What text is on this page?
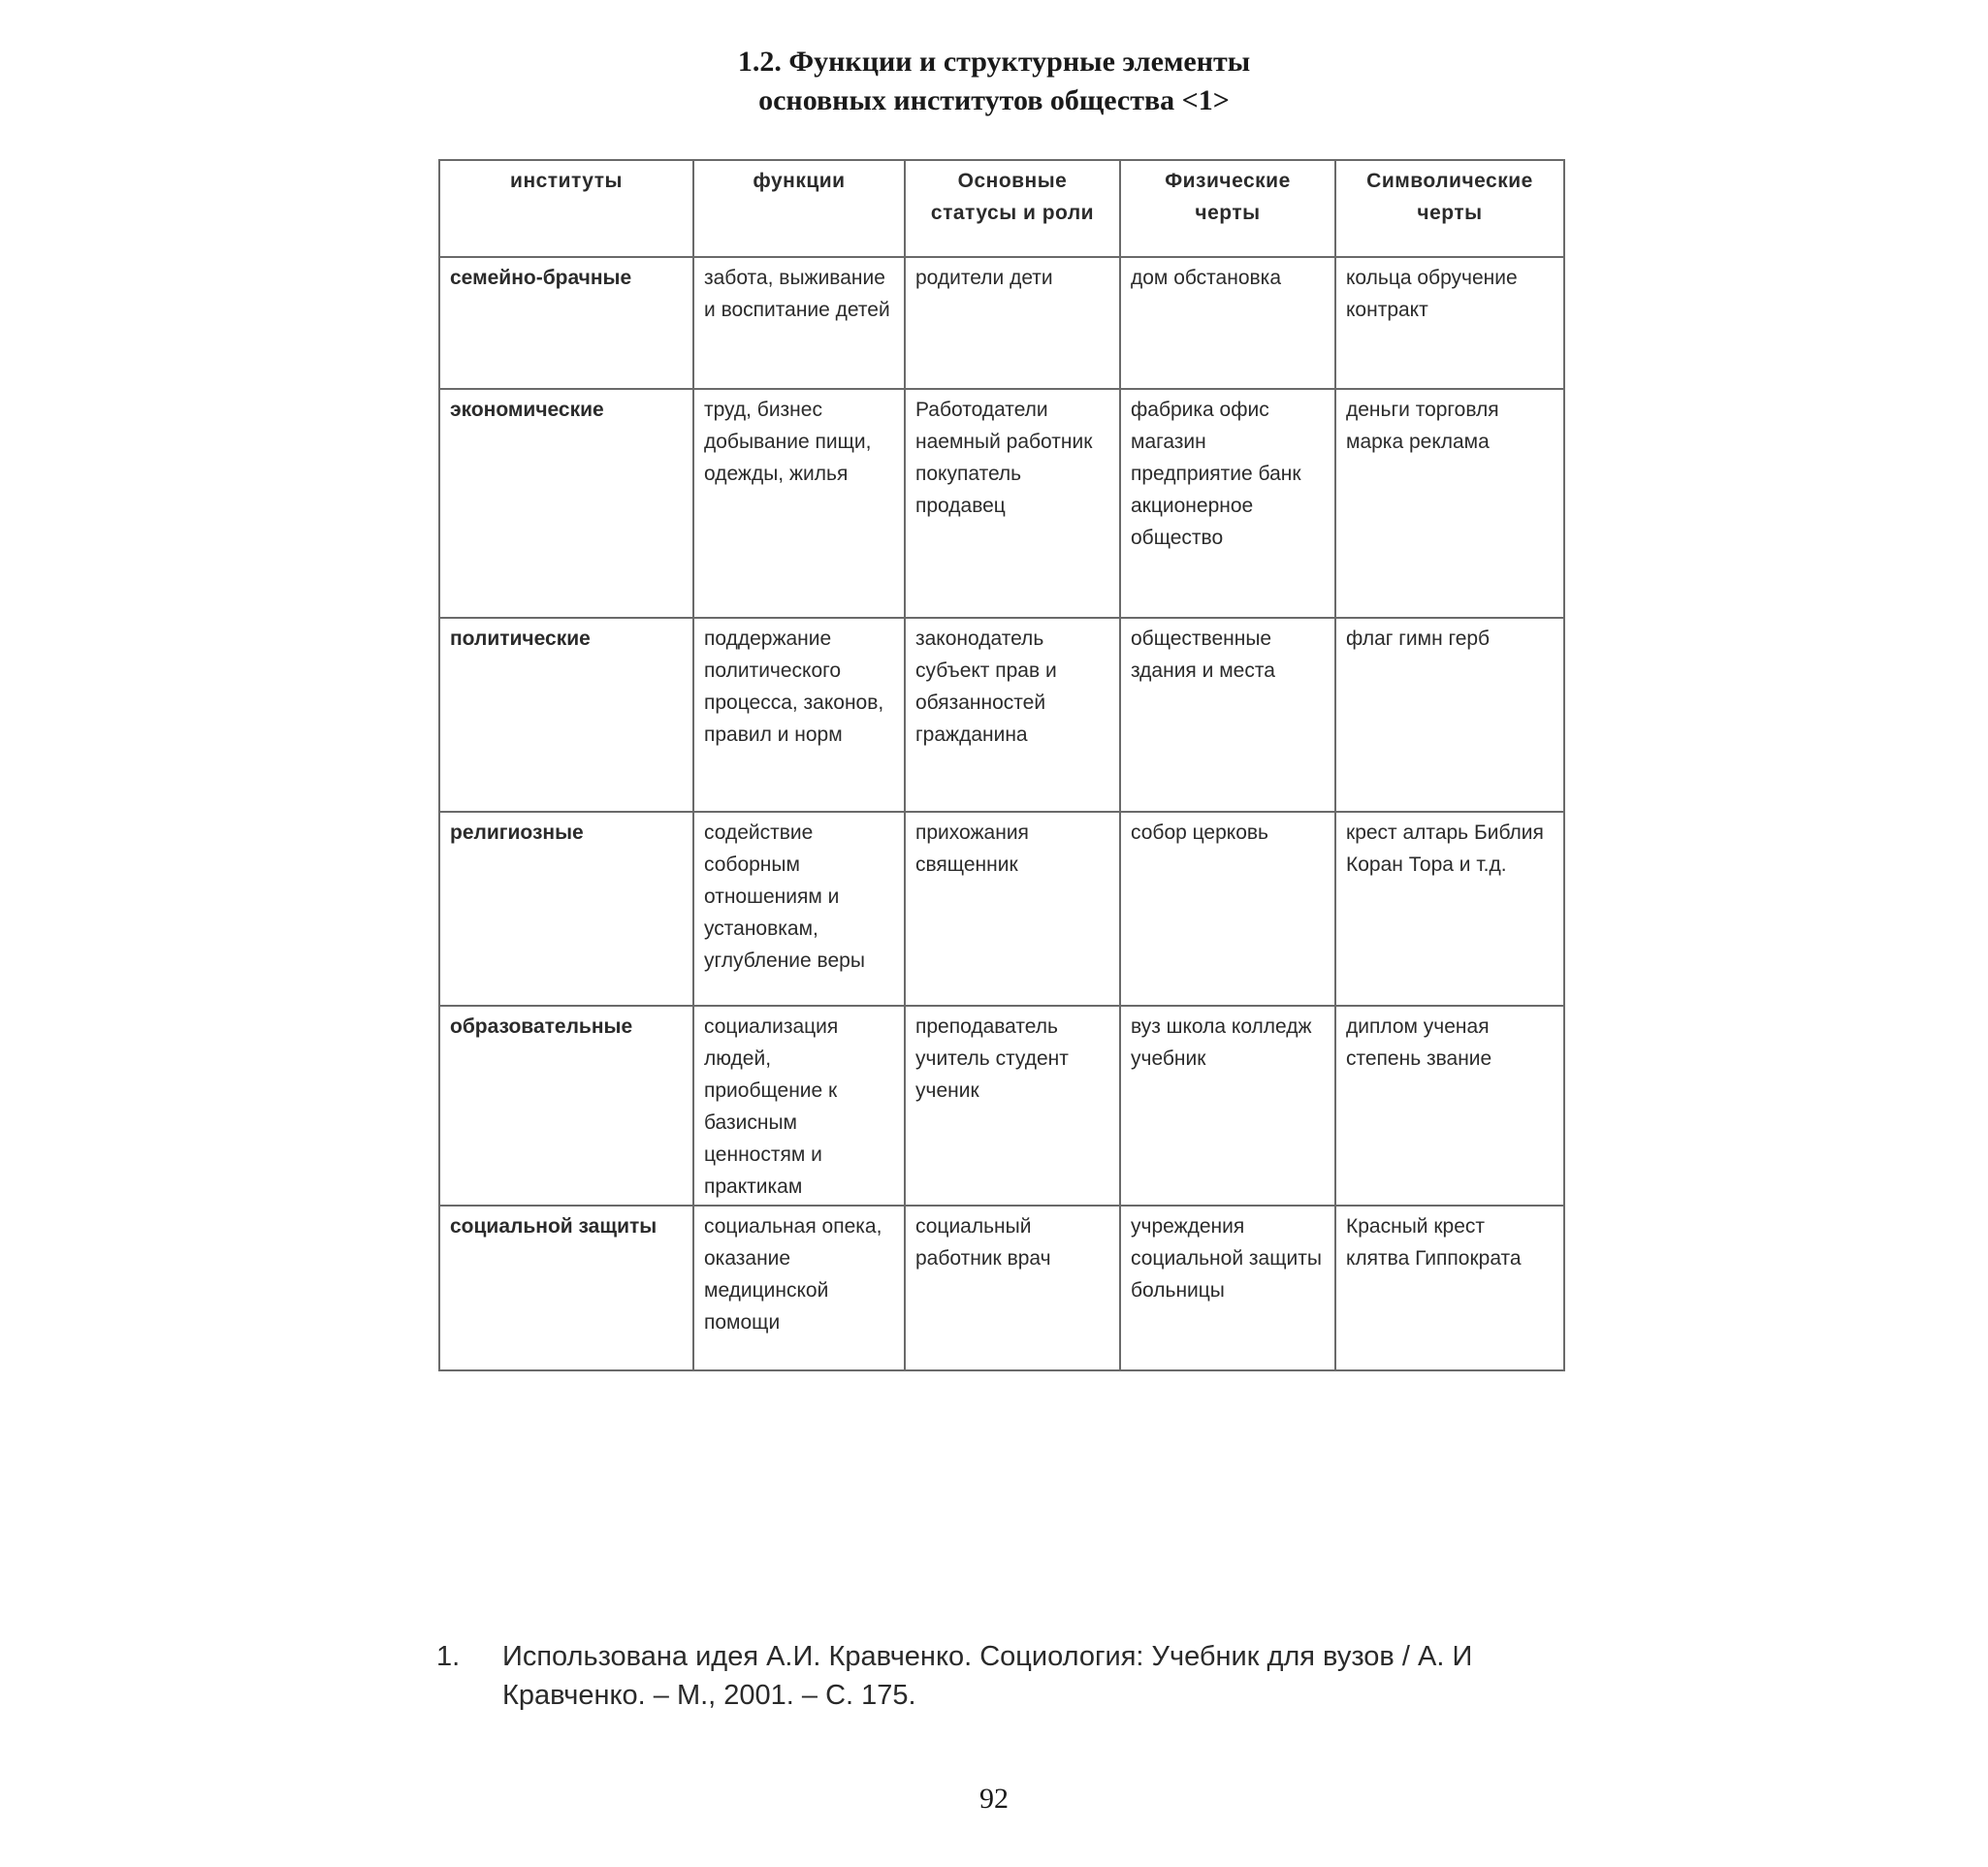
1.2. Функции и структурные элементы
основных институтов общества <1>
институты	функции	Основные статусы и роли	Физические черты	Символические черты
семейно-брачные	забота, выживание и воспитание детей	родители дети	дом обстановка	кольца обручение контракт
экономические	труд, бизнес добывание пищи, одежды, жилья	Работодатели наемный работник покупатель продавец	фабрика офис магазин предприятие банк акционерное общество	деньги торговля марка реклама
политические	поддержание политического процесса, законов, правил и норм	законодатель субъект прав и обязанностей гражданина	общественные здания и места	флаг гимн герб
религиозные	содействие соборным отношениям и установкам, углубление веры	прихожания священник	собор церковь	крест алтарь Библия Коран Тора и т.д.
образовательные	социализация людей, приобщение к базисным ценностям и практикам	преподаватель учитель студент ученик	вуз школа колледж учебник	диплом ученая степень звание
социальной защиты	социальная опека, оказание медицинской помощи	социальный работник врач	учреждения социальной защиты больницы	Красный крест клятва Гиппократа
1. Использована идея А.И. Кравченко. Социология: Учебник для вузов / А. И Кравченко. – М., 2001. – С. 175.
92
